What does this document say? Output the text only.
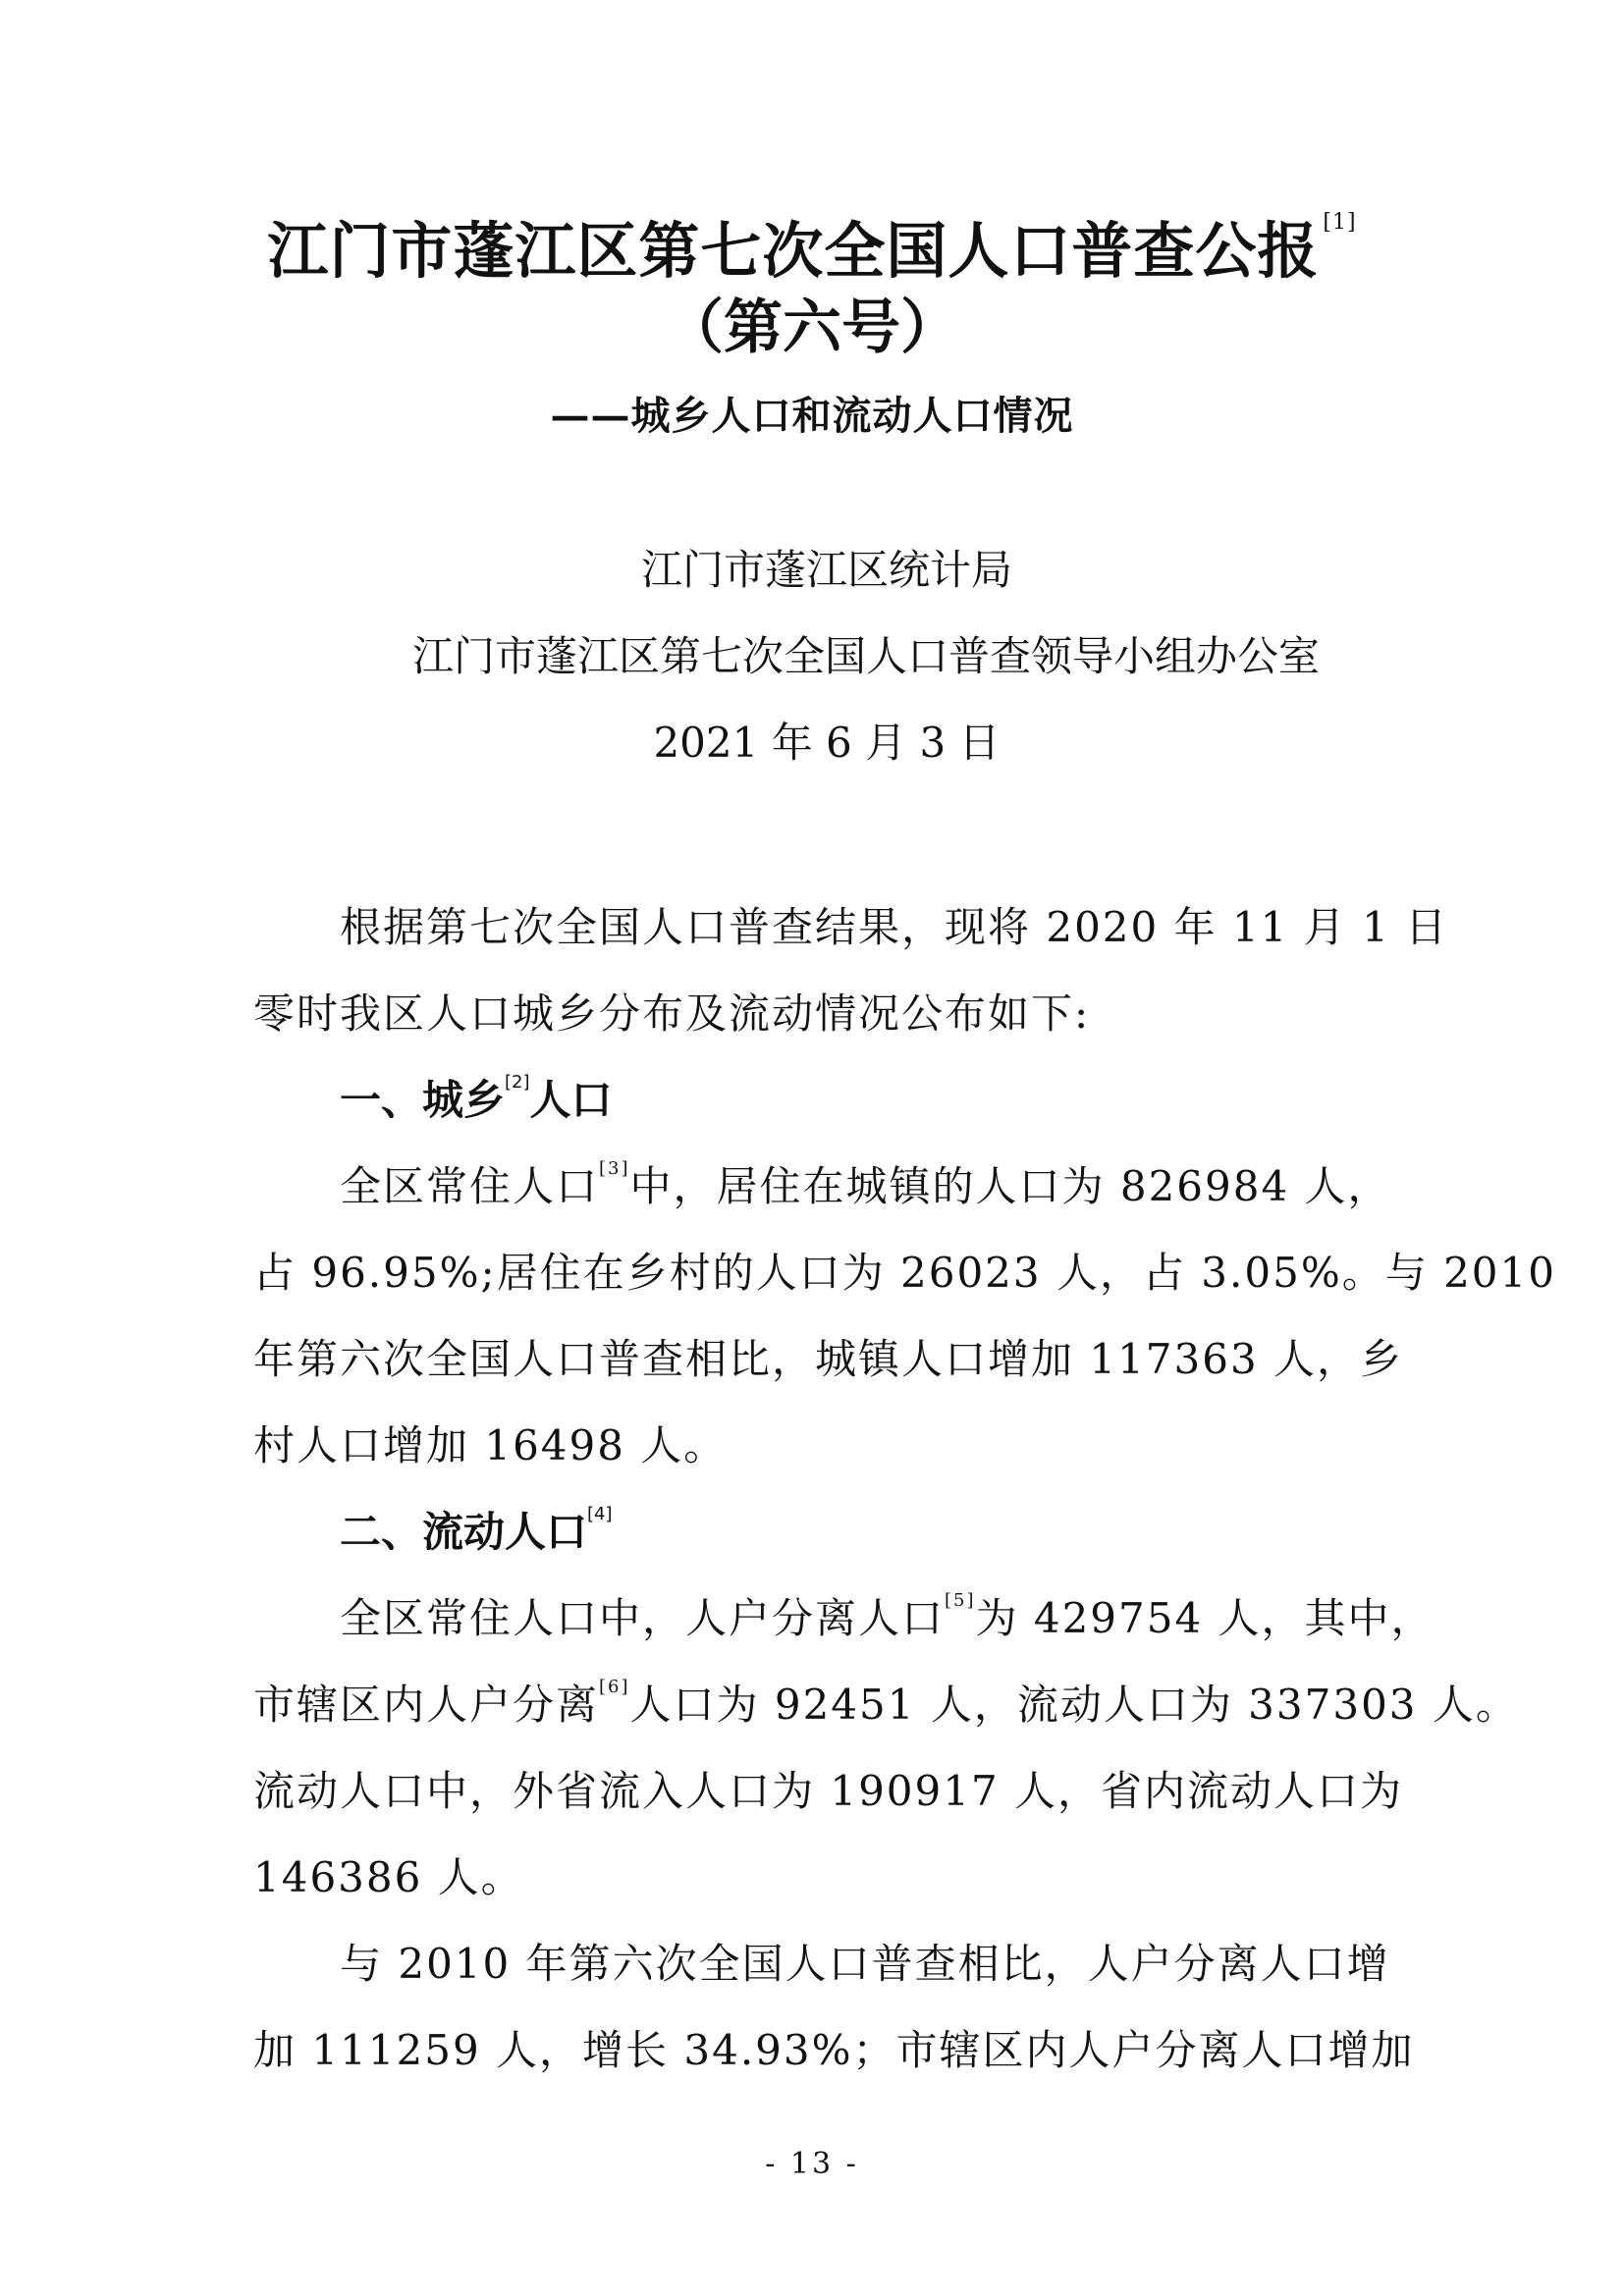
江门市蓬江区第七次全国人口普查公报 [1]
（第六号）
——城乡人口和流动人口情况
江门市蓬江区统计局
江门市蓬江区第七次全国人口普查领导小组办公室
2021 年 6 月 3 日
根据第七次全国人口普查结果，现将 2020 年 11 月 1 日
零时我区人口城乡分布及流动情况公布如下:
一、城乡[2]人口
全区常住人口[3]中，居住在城镇的人口为 826984 人，
占 96.95%;居住在乡村的人口为 26023 人，占 3.05%。与 2010
年第六次全国人口普查相比，城镇人口增加 117363 人，乡
村人口增加 16498 人。
二、流动人口[4]
全区常住人口中，人户分离人口[5]为 429754 人，其中，
市辖区内人户分离[6]人口为 92451 人，流动人口为 337303 人。
流动人口中，外省流入人口为 190917 人，省内流动人口为
146386 人。
与 2010 年第六次全国人口普查相比，人户分离人口增
加 111259 人，增长 34.93%；市辖区内人户分离人口增加
- 13 -
